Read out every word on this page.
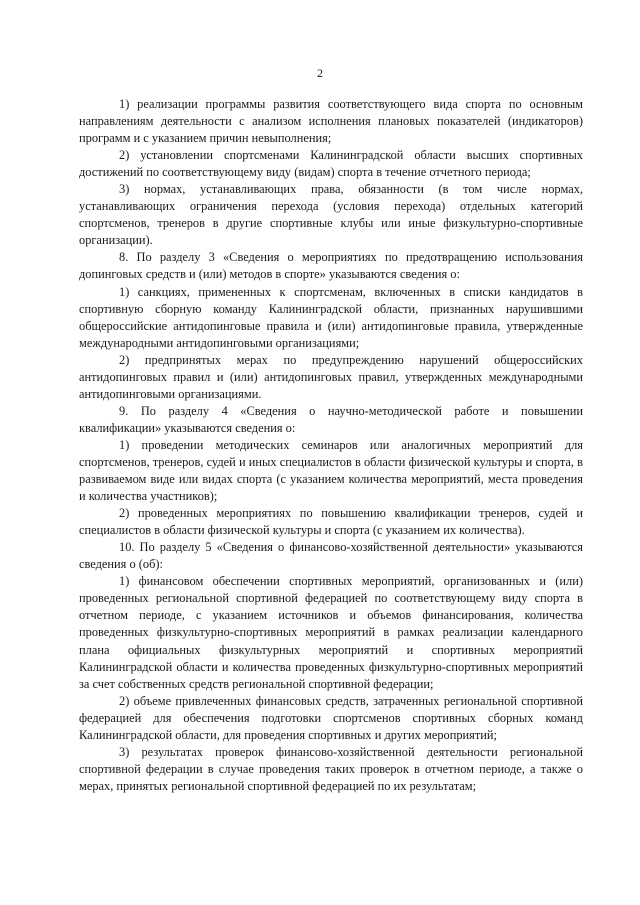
2

1) реализации программы развития соответствующего вида спорта по основным направлениям деятельности с анализом исполнения плановых показателей (индикаторов) программ и с указанием причин невыполнения;

2) установлении спортсменами Калининградской области высших спортивных достижений по соответствующему виду (видам) спорта в течение отчетного периода;

3) нормах, устанавливающих права, обязанности (в том числе нормах, устанавливающих ограничения перехода (условия перехода) отдельных категорий спортсменов, тренеров в другие спортивные клубы или иные физкультурно-спортивные организации).

8. По разделу 3 «Сведения о мероприятиях по предотвращению использования допинговых средств и (или) методов в спорте» указываются сведения о:

1) санкциях, примененных к спортсменам, включенных в списки кандидатов в спортивную сборную команду Калининградской области, признанных нарушившими общероссийские антидопинговые правила и (или) антидопинговые правила, утвержденные международными антидопинговыми организациями;

2) предпринятых мерах по предупреждению нарушений общероссийских антидопинговых правил и (или) антидопинговых правил, утвержденных международными антидопинговыми организациями.

9. По разделу 4 «Сведения о научно-методической работе и повышении квалификации» указываются сведения о:

1) проведении методических семинаров или аналогичных мероприятий для спортсменов, тренеров, судей и иных специалистов в области физической культуры и спорта, в развиваемом виде или видах спорта (с указанием количества мероприятий, места проведения и количества участников);

2) проведенных мероприятиях по повышению квалификации тренеров, судей и специалистов в области физической культуры и спорта (с указанием их количества).

10. По разделу 5 «Сведения о финансово-хозяйственной деятельности» указываются сведения о (об):

1) финансовом обеспечении спортивных мероприятий, организованных и (или) проведенных региональной спортивной федерацией по соответствующему виду спорта в отчетном периоде, с указанием источников и объемов финансирования, количества проведенных физкультурно-спортивных мероприятий в рамках реализации календарного плана официальных физкультурных мероприятий и спортивных мероприятий Калининградской области и количества проведенных физкультурно-спортивных мероприятий за счет собственных средств региональной спортивной федерации;

2) объеме привлеченных финансовых средств, затраченных региональной спортивной федерацией для обеспечения подготовки спортсменов спортивных сборных команд Калининградской области, для проведения спортивных и других мероприятий;

3) результатах проверок финансово-хозяйственной деятельности региональной спортивной федерации в случае проведения таких проверок в отчетном периоде, а также о мерах, принятых региональной спортивной федерацией по их результатам;
